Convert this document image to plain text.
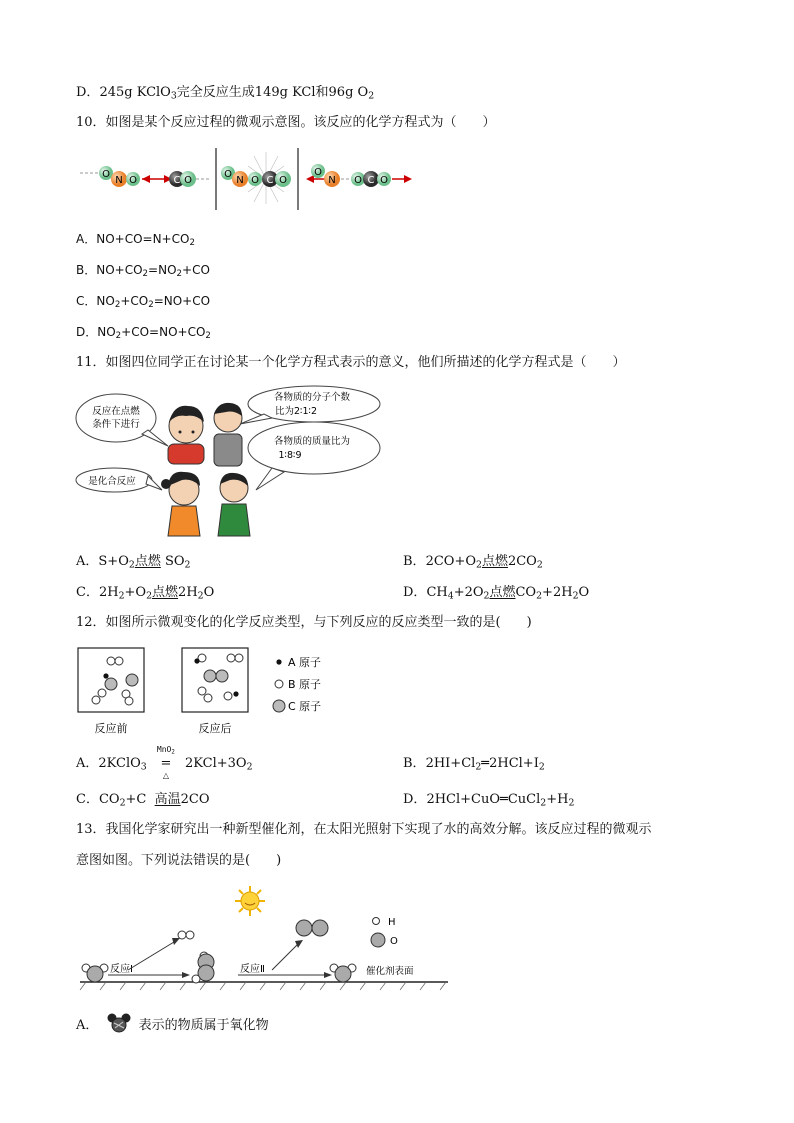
D．245g KClO$_3$完全反应生成149g KCl和96g $O_2$
10．如图是某个反应过程的微观示意图。该反应的化学方程式为（　　）
O
N O	C O
O
N O C O
O
N O C O
A．$NO+CO=N+CO_2$
B．$NO+CO_2=NO_2+CO$
C．$NO_2+CO_2=NO+CO$
D．$NO_2+CO=NO+CO_2$
11．如图四位同学正在讨论某一个化学方程式表示的意义，他们所描述的化学方程式是（　　）
反应在点燃
条件下进行
各物质的分子个数
比为2∶1∶2
各物质的质量比为
1∶8∶9
是化合反应
A．$S+O_2$点燃 $SO_2$	B．$2CO+O_2$点燃$2CO_2$
C．$2H_2+O_2$点燃$2H_2O$	D．$CH_4+2O_2$点燃$CO_2+2H_2O$
12．如图所示微观变化的化学反应类型，与下列反应的反应类型一致的是(　　)
反应前	反应后
A 原子
B 原子
C 原子
A．2KClO$_3$
MnO$_2$
=
△
$2KCl+3O_2$	B．$2HI+Cl_2═2HCl+I_2$
C．$CO_2+C$  高温2CO	D．$2HCl+CuO═CuCl_2+H_2$
13．我国化学家研究出一种新型催化剂，在太阳光照射下实现了水的高效分解。该反应过程的微观示
意图如图。下列说法错误的是(　　)
反应Ⅰ	反应Ⅱ	催化剂表面
H
O
A．	表示的物质属于氧化物
